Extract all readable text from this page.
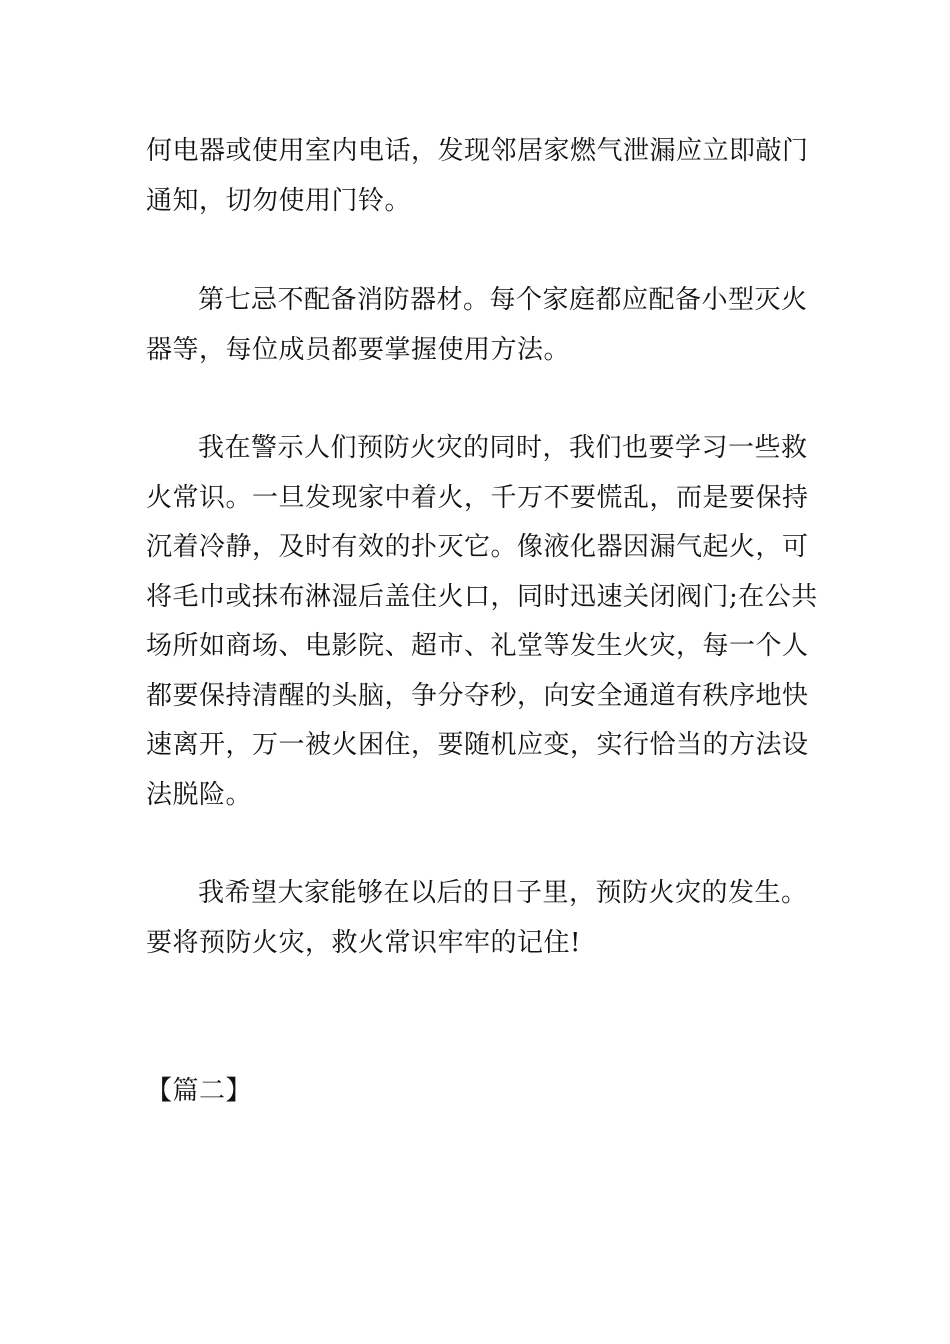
何电器或使用室内电话，发现邻居家燃气泄漏应立即敲门
通知，切勿使用门铃。

第七忌不配备消防器材。每个家庭都应配备小型灭火
器等，每位成员都要掌握使用方法。

我在警示人们预防火灾的同时，我们也要学习一些救
火常识。一旦发现家中着火，千万不要慌乱，而是要保持
沉着冷静，及时有效的扑灭它。像液化器因漏气起火，可
将毛巾或抹布淋湿后盖住火口，同时迅速关闭阀门;在公共
场所如商场、电影院、超市、礼堂等发生火灾，每一个人
都要保持清醒的头脑，争分夺秒，向安全通道有秩序地快
速离开，万一被火困住，要随机应变，实行恰当的方法设
法脱险。

我希望大家能够在以后的日子里，预防火灾的发生。
要将预防火灾，救火常识牢牢的记住!

【篇二】
